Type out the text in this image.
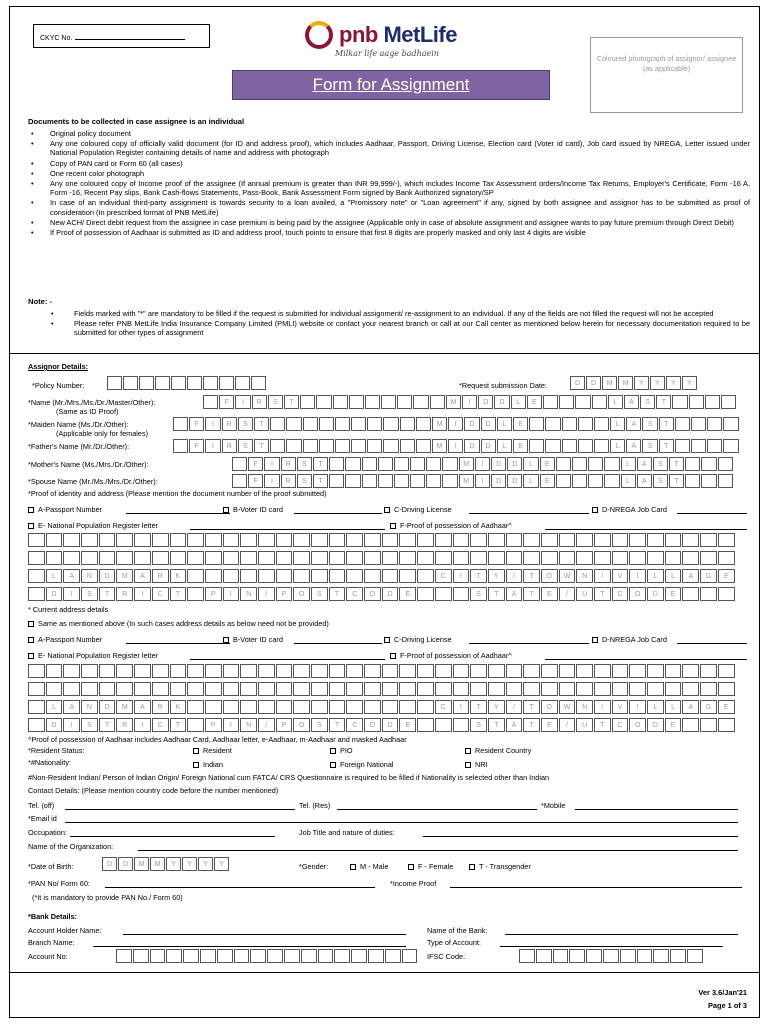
CKYC No.	pnb MetLife
Milkar life aage badhaein
Form for Assignment
Coloured photograph of assignor/ assignee (as applicable)
Documents to be collected in case assignee is an individual
• Original policy document
• Any one coloured copy of officially valid document (for ID and address proof), which includes Aadhaar, Passport, Driving License, Election card (Voter id card), Job card issued by NREGA, Letter issued under National Population Register containing details of name and address with photograph
• Copy of PAN card or Form 60 (all cases)
• One recent color photograph
• Any one coloured copy of Income proof of the assignee (If annual premium is greater than INR 99,999/-), which includes Income Tax Assessment orders/Income Tax Returns, Employer's Certificate, Form -16 A, Form -16, Recent Pay slips, Bank Cash-flows Statements, Pass-Book, Bank Assessment Form signed by Bank Authorized signatory/SP
• In case of an individual third-party assignment is towards security to a loan availed, a "Promissory note" or "Loan agreement" if any, signed by both assignee and assignor has to be submitted as proof of consideration (In prescribed format of PNB MetLife)
• New ACH/ Direct debit request from the assignee in case premium is being paid by the assignee (Applicable only in case of absolute assignment and assignee wants to pay future premium through Direct Debit)
• If Proof of possession of Aadhaar is submitted as ID and address proof, touch points to ensure that first 8 digits are properly masked and only last 4 digits are visible
Note: -
• Fields marked with "*" are mandatory to be filled if the request is submitted for individual assignment/ re-assignment to an individual. If any of the fields are not filled the request will not be accepted
• Please refer PNB MetLife India Insurance Company Limited (PMLI) website or contact your nearest branch or call at our Call center as mentioned below herein for necessary documentation required to be submitted for other types of assignment
Assignor Details:
*Policy Number:	*Request submission Date:	D	D	M	M	Y	Y	Y	Y
*Name (Mr./Mrs./Ms./Dr./Master/Other):
(Same as ID Proof)
F	I	R	S	T	M	I	D	D	L	E	L	A	S	T
*Maiden Name (Ms./Dr./Other):
(Applicable only for females)
F	I	R	S	T	M	I	D	D	L	E	L	A	S	T
*Father's Name (Mr./Dr./Other):	F	I	R	S	T	M	I	D	D	L	E	L	A	S	T
*Mother's Name (Ms./Mrs./Dr./Other):	F	I	R	S	T	M	I	D	D	L	E	L	A	S	T
*Spouse Name (Mr./Ms./Mrs./Dr./Other):	F	I	R	S	T	M	I	D	D	L	E	L	A	S	T
*Proof of identity and address (Please mention the document number of the proof submitted)
A-Passport Number	B-Voter ID card	C-Driving License	D-NREGA Job Card
E- National Population Register letter	F-Proof of possession of Aadhaar^
L	A	N	D	M	A	R	K	C	I	T	Y	/	T	O	W	N	/	V	I	L	L	A	G	E
D	I	S	T	R	I	C	T	P	I	N	/	P	O	S	T	C	O	D	E	S	T	A	T	E	/	U	T	C	O	D	E
* Current address details
Same as mentioned above (In such cases address details as below need not be provided)
A-Passport Number	B-Voter ID card	C-Driving License	D-NREGA Job Card
E- National Population Register letter	F-Proof of possession of Aadhaar^
L	A	N	D	M	A	R	K	C	I	T	Y	/	T	O	W	N	/	V	I	L	L	A	G	E
D	I	S	T	R	I	C	T	P	I	N	/	P	O	S	T	C	O	D	E	S	T	A	T	E	/	U	T	C	O	D	E
^Proof of possession of Aadhaar includes Aadhaar Card, Aadhaar letter, e-Aadhaar, m-Aadhaar and masked Aadhaar
*Resident Status:	Resident	PIO	Resident Country
*#Nationality:	Indian	Foreign National	NRI
#Non-Resident Indian/ Person of Indian Origin/ Foreign National cum FATCA/ CRS Questionnaire is required to be filled if Nationality is selected other than Indian
Contact Details: (Please mention country code before the number mentioned)
Tel. (off)	Tel. (Res)	*Mobile
*Email id
Occupation:	Job Title and nature of duties:
Name of the Organization:
*Date of Birth:	D	D	M	M	Y	Y	Y	Y	*Gender:	M - Male	F - Female	T - Transgender
*PAN No/ Form 60:	*Income Proof
(*It is mandatory to provide PAN No./ Form 60)
*Bank Details:
Account Holder Name:	Name of the Bank:
Branch Name:	Type of Account:
Account No:	IFSC Code:
Ver 3.6/Jan'21
Page 1 of 3
